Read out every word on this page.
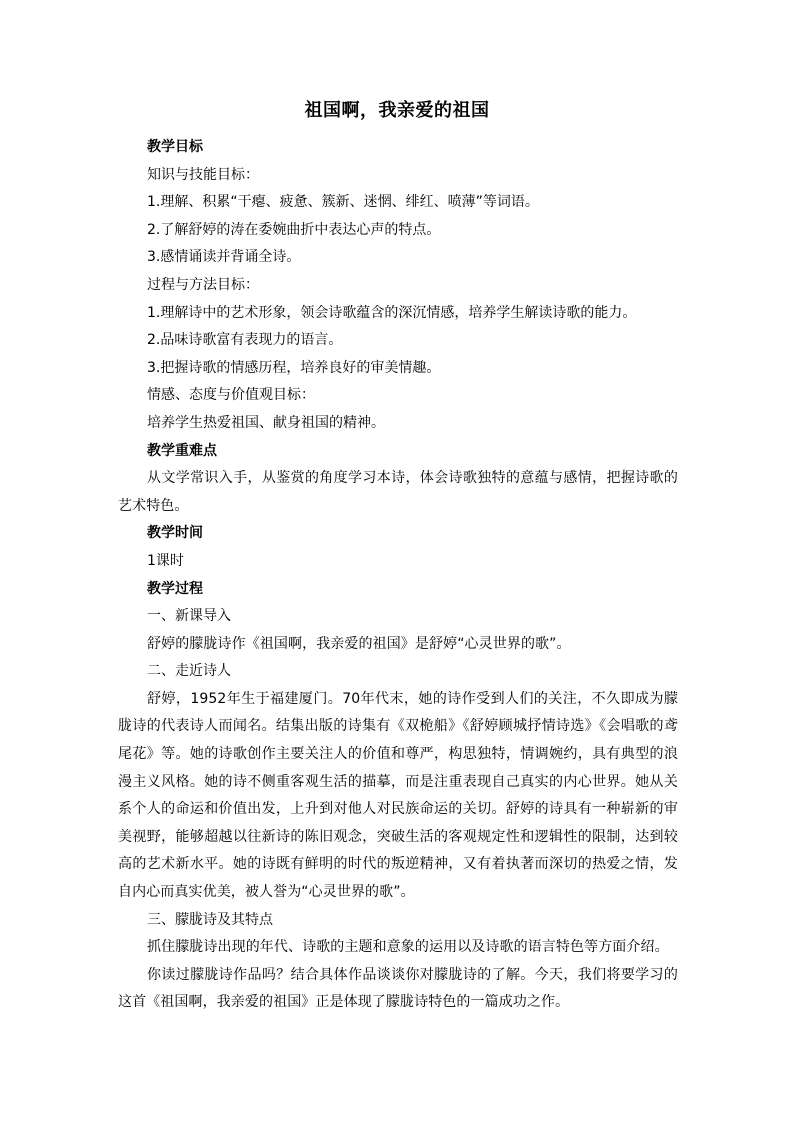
祖国啊，我亲爱的祖国

教学目标

知识与技能目标：

1.理解、积累“干瘪、疲惫、簇新、迷惘、绯红、喷薄”等词语。

2.了解舒婷的涛在委婉曲折中表达心声的特点。

3.感情诵读并背诵全诗。

过程与方法目标：

1.理解诗中的艺术形象，领会诗歌蕴含的深沉情感，培养学生解读诗歌的能力。

2.品味诗歌富有表现力的语言。

3.把握诗歌的情感历程，培养良好的审美情趣。

情感、态度与价值观目标：

培养学生热爱祖国、献身祖国的精神。

教学重难点

从文学常识入手，从鉴赏的角度学习本诗，体会诗歌独特的意蕴与感情，把握诗歌的艺术特色。

教学时间

1课时

教学过程

一、新课导入

舒婷的朦胧诗作《祖国啊，我亲爱的祖国》是舒婷“心灵世界的歌”。

二、走近诗人

舒婷，1952年生于福建厦门。70年代末，她的诗作受到人们的关注，不久即成为朦胧诗的代表诗人而闻名。结集出版的诗集有《双桅船》《舒婷顾城抒情诗选》《会唱歌的鸢尾花》等。她的诗歌创作主要关注人的价值和尊严，构思独特，情调婉约，具有典型的浪漫主义风格。她的诗不侧重客观生活的描摹，而是注重表现自己真实的内心世界。她从关系个人的命运和价值出发，上升到对他人对民族命运的关切。舒婷的诗具有一种崭新的审美视野，能够超越以往新诗的陈旧观念，突破生活的客观规定性和逻辑性的限制，达到较高的艺术新水平。她的诗既有鲜明的时代的叛逆精神，又有着执著而深切的热爱之情，发自内心而真实优美，被人誉为“心灵世界的歌”。

三、朦胧诗及其特点

抓住朦胧诗出现的年代、诗歌的主题和意象的运用以及诗歌的语言特色等方面介绍。

你读过朦胧诗作品吗？结合具体作品谈谈你对朦胧诗的了解。今天，我们将要学习的这首《祖国啊，我亲爱的祖国》正是体现了朦胧诗特色的一篇成功之作。
